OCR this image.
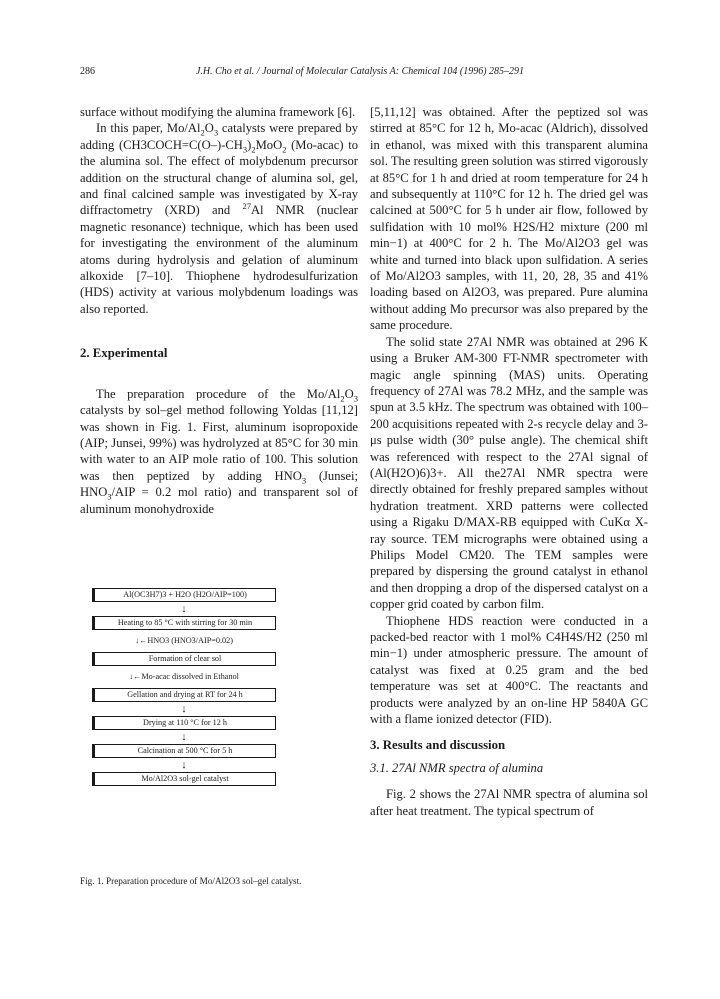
286	J.H. Cho et al. / Journal of Molecular Catalysis A: Chemical 104 (1996) 285–291

surface without modifying the alumina framework [6].

In this paper, $Mo/Al_2O_3$ catalysts were prepared by adding $(CH3COCH=C(O-)-CH_3)_2MoO_2$ (Mo-acac) to the alumina sol. The effect of molybdenum precursor addition on the structural change of alumina sol, gel, and final calcined sample was investigated by X-ray diffractometry (XRD) and $^{27}$Al NMR (nuclear magnetic resonance) technique, which has been used for investigating the environment of the aluminum atoms during hydrolysis and gelation of aluminum alkoxide [7–10]. Thiophene hydrodesulfurization (HDS) activity at various molybdenum loadings was also reported.

2. Experimental

The preparation procedure of the $Mo/Al_2O_3$ catalysts by sol–gel method following Yoldas [11,12] was shown in Fig. 1. First, aluminum isopropoxide (AIP; Junsei, 99%) was hydrolyzed at 85°C for 30 min with water to an AIP mole ratio of 100. This solution was then peptized by adding $HNO_3$ (Junsei; $HNO_3$/AIP = 0.2 mol ratio) and transparent sol of aluminum monohydroxide

Al(OC3H7)3 + H2O (H2O/AIP=100)
↓
Heating to 85 °C with stirring for 30 min
↓←HNO3 (HNO3/AIP=0.02)
Formation of clear sol
↓←Mo-acac dissolved in Ethanol
Gellation and drying at RT for 24 h
↓
Drying at 110 °C for 12 h
↓
Calcination at 500 °C for 5 h
↓
Mo/Al2O3 sol-gel catalyst
Fig. 1. Preparation procedure of Mo/Al2O3 sol–gel catalyst.

[5,11,12] was obtained. After the peptized sol was stirred at 85°C for 12 h, Mo-acac (Aldrich), dissolved in ethanol, was mixed with this transparent alumina sol. The resulting green solution was stirred vigorously at 85°C for 1 h and dried at room temperature for 24 h and subsequently at 110°C for 12 h. The dried gel was calcined at 500°C for 5 h under air flow, followed by sulfidation with 10 mol% H2S/H2 mixture (200 ml min−1) at 400°C for 2 h. The Mo/Al2O3 gel was white and turned into black upon sulfidation. A series of Mo/Al2O3 samples, with 11, 20, 28, 35 and 41% loading based on Al2O3, was prepared. Pure alumina without adding Mo precursor was also prepared by the same procedure.

The solid state 27Al NMR was obtained at 296 K using a Bruker AM-300 FT-NMR spectrometer with magic angle spinning (MAS) units. Operating frequency of 27Al was 78.2 MHz, and the sample was spun at 3.5 kHz. The spectrum was obtained with 100–200 acquisitions repeated with 2-s recycle delay and 3-μs pulse width (30° pulse angle). The chemical shift was referenced with respect to the 27Al signal of (Al(H2O)6)3+. All the27Al NMR spectra were directly obtained for freshly prepared samples without hydration treatment. XRD patterns were collected using a Rigaku D/MAX-RB equipped with CuKα X-ray source. TEM micrographs were obtained using a Philips Model CM20. The TEM samples were prepared by dispersing the ground catalyst in ethanol and then dropping a drop of the dispersed catalyst on a copper grid coated by carbon film.

Thiophene HDS reaction were conducted in a packed-bed reactor with 1 mol% C4H4S/H2 (250 ml min−1) under atmospheric pressure. The amount of catalyst was fixed at 0.25 gram and the bed temperature was set at 400°C. The reactants and products were analyzed by an on-line HP 5840A GC with a flame ionized detector (FID).

3. Results and discussion
3.1. 27Al NMR spectra of alumina

Fig. 2 shows the 27Al NMR spectra of alumina sol after heat treatment. The typical spectrum of
